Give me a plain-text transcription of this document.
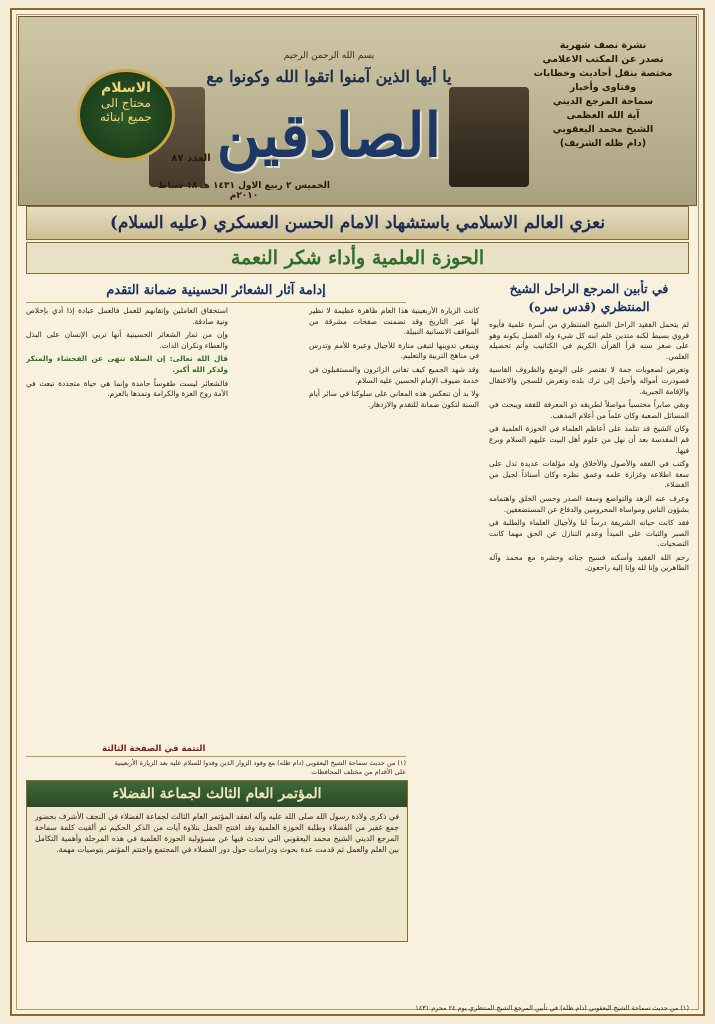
بسم الله الرحمن الرحيم
يا أيها الذين آمنوا اتقوا الله وكونوا مع
الصادقين
نشرة نصف شهرية
تصدر عن المكتب الاعلامي
مختصة بنقل أحاديث وخطابات
وفتاوى وأخبار
سماحة المرجع الديني
آية الله العظمى
الشيخ محمد اليعقوبي
(دام ظله الشريف)
الاسلام
محتاج الى
جميع ابنائه
العدد ٨٧
الخميس ٢ ربيع الاول ١٤٣١ هـ ١٨ شباط ٢٠١٠م
نعزي العالم الاسلامي باستشهاد الامام الحسن العسكري (عليه السلام)
الحوزة العلمية وأداء شكر النعمة
في تأبين المرجع الراحل الشيخ المنتظري (قدس سره)

لم يتحمل الفقيد الراحل الشيخ المنتظري من أسرة علمية فأبوه قروي بسيط لكنه متدين علم ابنه كل شيء وله الفضل بكونه وهو على صغر سنه قرأ القرآن الكريم في الكتاتيب وأتم تحصيله العلمي.

وتعرض لصعوبات جمة لا تقتصر على الوضع والظروف القاسية فصودرت أمواله وأحيل إلى ترك بلده وتعرض للسجن والاعتقال والإقامة الجبرية.

وبقي صابراً محتسباً مواصلاً لطريقه ذو المعرفة للفقه ويبحث في المسائل الصعبة وكان علماً من أعلام المذهب.

وكان الشيخ قد تتلمذ على أعاظم العلماء في الحوزة العلمية في قم المقدسة بعد أن نهل من علوم أهل البيت عليهم السلام وبرع فيها.

وكتب في الفقه والأصول والأخلاق وله مؤلفات عديدة تدل على سعة اطلاعه وغزارة علمه وعمق نظره وكان أستاذاً لجيل من الفضلاء.

وعرف عنه الزهد والتواضع وسعة الصدر وحسن الخلق واهتمامه بشؤون الناس ومواساة المحرومين والدفاع عن المستضعفين.

فقد كانت حياته الشريفة درساً لنا ولأجيال العلماء والطلبة في الصبر والثبات على المبدأ وعدم التنازل عن الحق مهما كانت التضحيات.

رحم الله الفقيد وأسكنه فسيح جناته وحشره مع محمد وآله الطاهرين وإنا لله وإنا إليه راجعون.

إدامة آثار الشعائر الحسينية ضمانة التقدم

كانت الزيارة الأربعينية هذا العام ظاهرة عظيمة لا نظير لها عبر التاريخ وقد تضمنت صفحات مشرقة من المواقف الانسانية النبيلة.

وينبغي تدوينها لتبقى منارة للأجيال وعبرة للأمم وتدرس في مناهج التربية والتعليم.

وقد شهد الجميع كيف تفانى الزائرون والمستقبلون في خدمة ضيوف الإمام الحسين عليه السلام.

ولا بد أن تنعكس هذه المعاني على سلوكنا في سائر أيام السنة لتكون ضمانة للتقدم والازدهار.

استحقاق العاملين وإتقانهم للعمل فالعمل عبادة إذا أدي بإخلاص ونية صادقة.

وإن من ثمار الشعائر الحسينية أنها تربي الإنسان على البذل والعطاء ونكران الذات.

قال الله تعالى: إن الصلاة تنهى عن الفحشاء والمنكر ولذكر الله أكبر.

فالشعائر ليست طقوساً جامدة وإنما هي حياة متجددة تبعث في الأمة روح العزة والكرامة وتمدها بالعزم.

التتمة في الصفحة الثالثة
(١) من حديث سماحة الشيخ اليعقوبي (دام ظله) مع وفود الزوار الذين وفدوا للسلام عليه بعد الزيارة الأربعينية
على الأقدام من مختلف المحافظات
المؤتمر العام الثالث لجماعة الفضلاء
في ذكرى ولادة رسول الله صلى الله عليه وآله انعقد المؤتمر العام الثالث لجماعة الفضلاء في النجف الأشرف بحضور جمع غفير من الفضلاء وطلبة الحوزة العلمية وقد افتتح الحفل بتلاوة آيات من الذكر الحكيم ثم ألقيت كلمة سماحة المرجع الديني الشيخ محمد اليعقوبي التي تحدث فيها عن مسؤولية الحوزة العلمية في هذه المرحلة وأهمية التكامل بين العلم والعمل ثم قدمت عدة بحوث ودراسات حول دور الفضلاء في المجتمع واختتم المؤتمر بتوصيات مهمة.
(١) من حديث سماحة الشيخ اليعقوبي (دام ظله) في تأبين المرجع الشيخ المنتظري يوم ٢٤ محرم ١٤٣١
